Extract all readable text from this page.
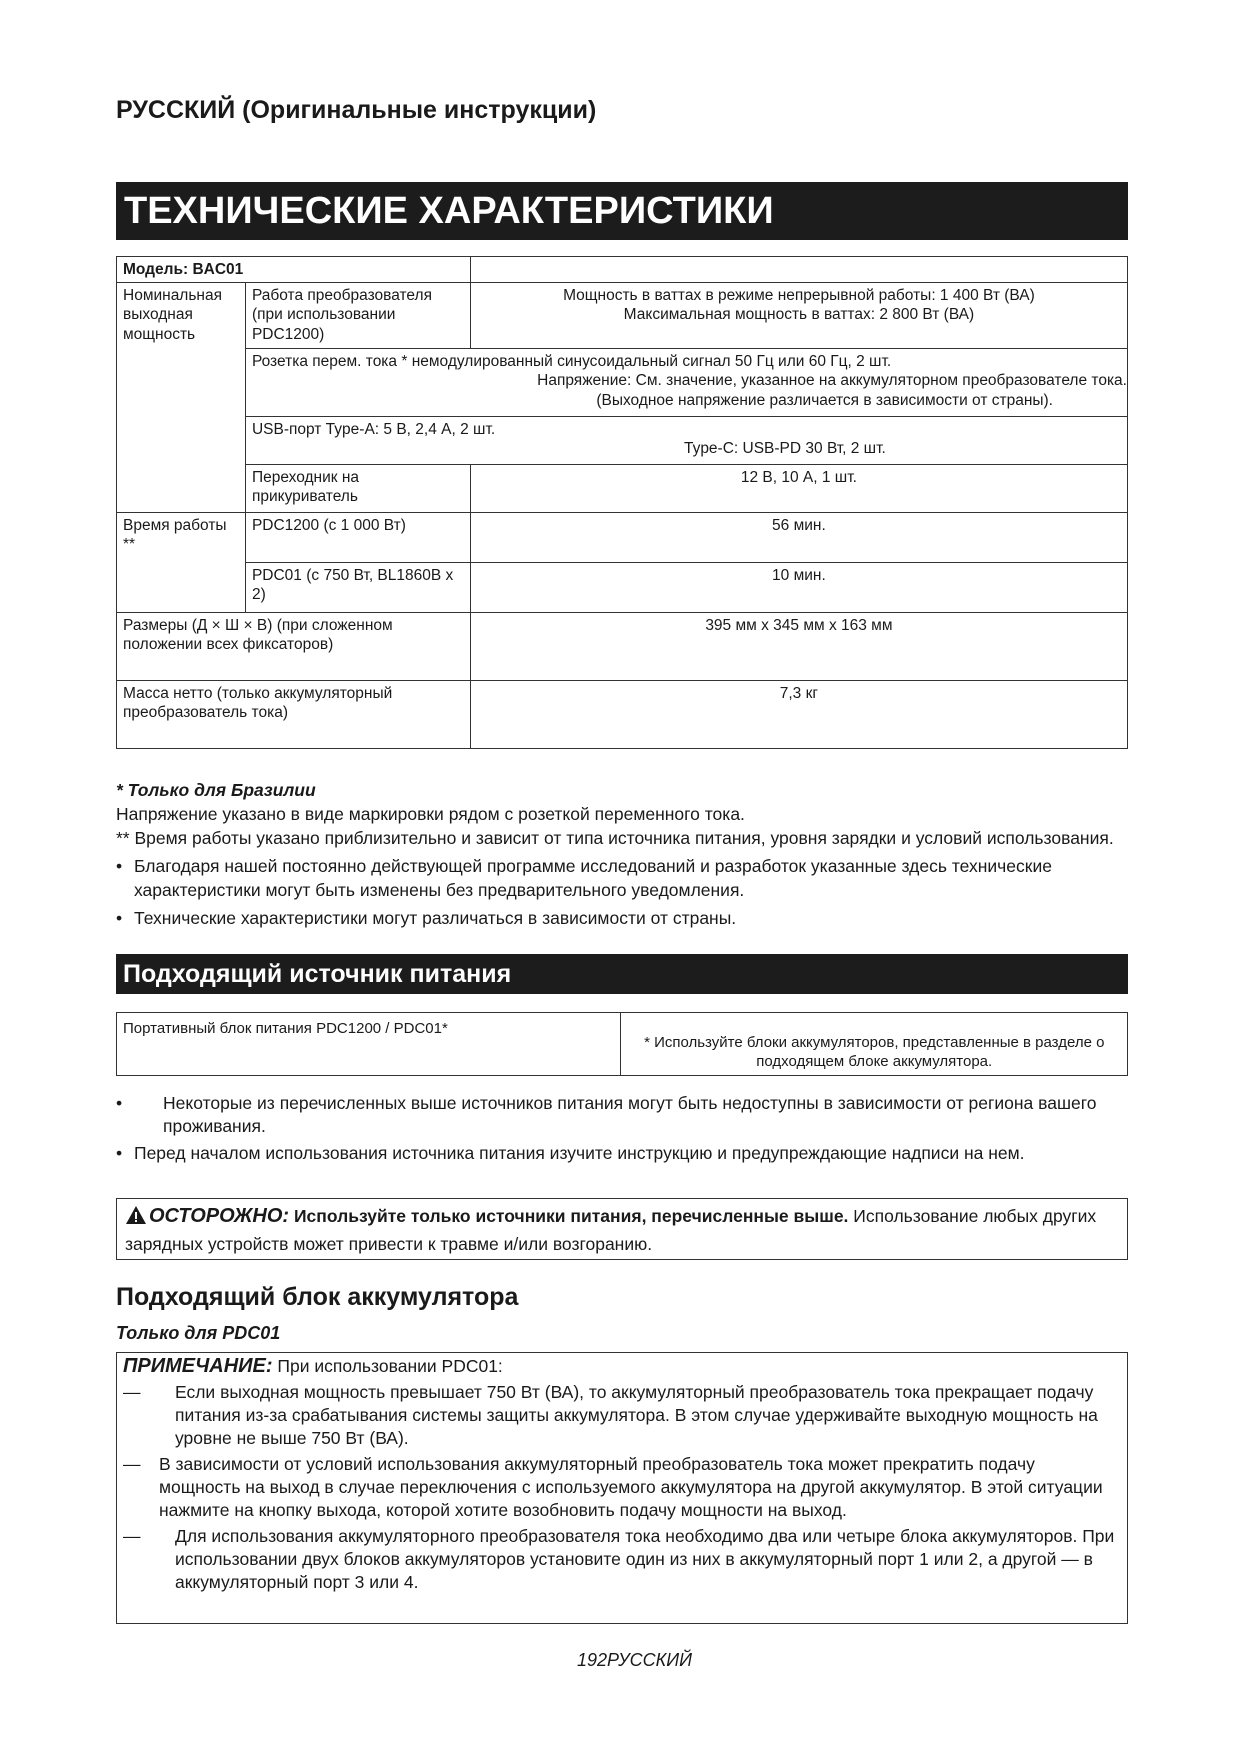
РУССКИЙ (Оригинальные инструкции)
ТЕХНИЧЕСКИЕ ХАРАКТЕРИСТИКИ
Модель: BAC01		
Номинальная выходная мощность	Работа преобразователя (при использовании PDC1200)	Мощность в ваттах в режиме непрерывной работы: 1 400 Вт (ВА)
Максимальная мощность в ваттах: 2 800 Вт (ВА)

	Розетка перем. тока * немодулированный синусоидальный сигнал 50 Гц или 60 Гц, 2 шт.
Напряжение: См. значение, указанное на аккумуляторном преобразователе тока.
(Выходное напряжение различается в зависимости от страны).	

	USB-порт Type-A: 5 В, 2,4 А, 2 шт.
Type-C: USB-PD 30 Вт, 2 шт.	

	Переходник на прикуриватель	12 В, 10 А, 1 шт.
Время работы **	PDC1200 (с 1 000 Вт)	56 мин.
	PDC01 (с 750 Вт, BL1860B x 2)	10 мин.
Размеры (Д × Ш × В) (при сложенном положении всех фиксаторов)		395 мм x 345 мм x 163 мм
Масса нетто (только аккумуляторный преобразователь тока)		7,3 кг

* Только для Бразилии

Напряжение указано в виде маркировки рядом с розеткой переменного тока.

** Время работы указано приблизительно и зависит от типа источника питания, уровня зарядки и условий использования.

• Благодаря нашей постоянно действующей программе исследований и разработок указанные здесь технические характеристики могут быть изменены без предварительного уведомления.
• Технические характеристики могут различаться в зависимости от страны.
Подходящий источник питания
Портативный блок питания PDC1200 / PDC01*	* Используйте блоки аккумуляторов, представленные в разделе о подходящем блоке аккумулятора.
•	Некоторые из перечисленных выше источников питания могут быть недоступны в зависимости от региона вашего проживания.
• Перед началом использования источника питания изучите инструкцию и предупреждающие надписи на нем.
ОСТОРОЖНО: Используйте только источники питания, перечисленные выше. Использование любых других зарядных устройств может привести к травме и/или возгоранию.
Подходящий блок аккумулятора
Только для PDC01
ПРИМЕЧАНИЕ: При использовании PDC01:
—	Если выходная мощность превышает 750 Вт (ВА), то аккумуляторный преобразователь тока прекращает подачу питания из-за срабатывания системы защиты аккумулятора. В этом случае удерживайте выходную мощность на уровне не выше 750 Вт (ВА).
—	В зависимости от условий использования аккумуляторный преобразователь тока может прекратить подачу мощность на выход в случае переключения с используемого аккумулятора на другой аккумулятор. В этой ситуации нажмите на кнопку выхода, которой хотите возобновить подачу мощности на выход.
—	Для использования аккумуляторного преобразователя тока необходимо два или четыре блока аккумуляторов. При использовании двух блоков аккумуляторов установите один из них в аккумуляторный порт 1 или 2, а другой — в аккумуляторный порт 3 или 4.
192РУССКИЙ
